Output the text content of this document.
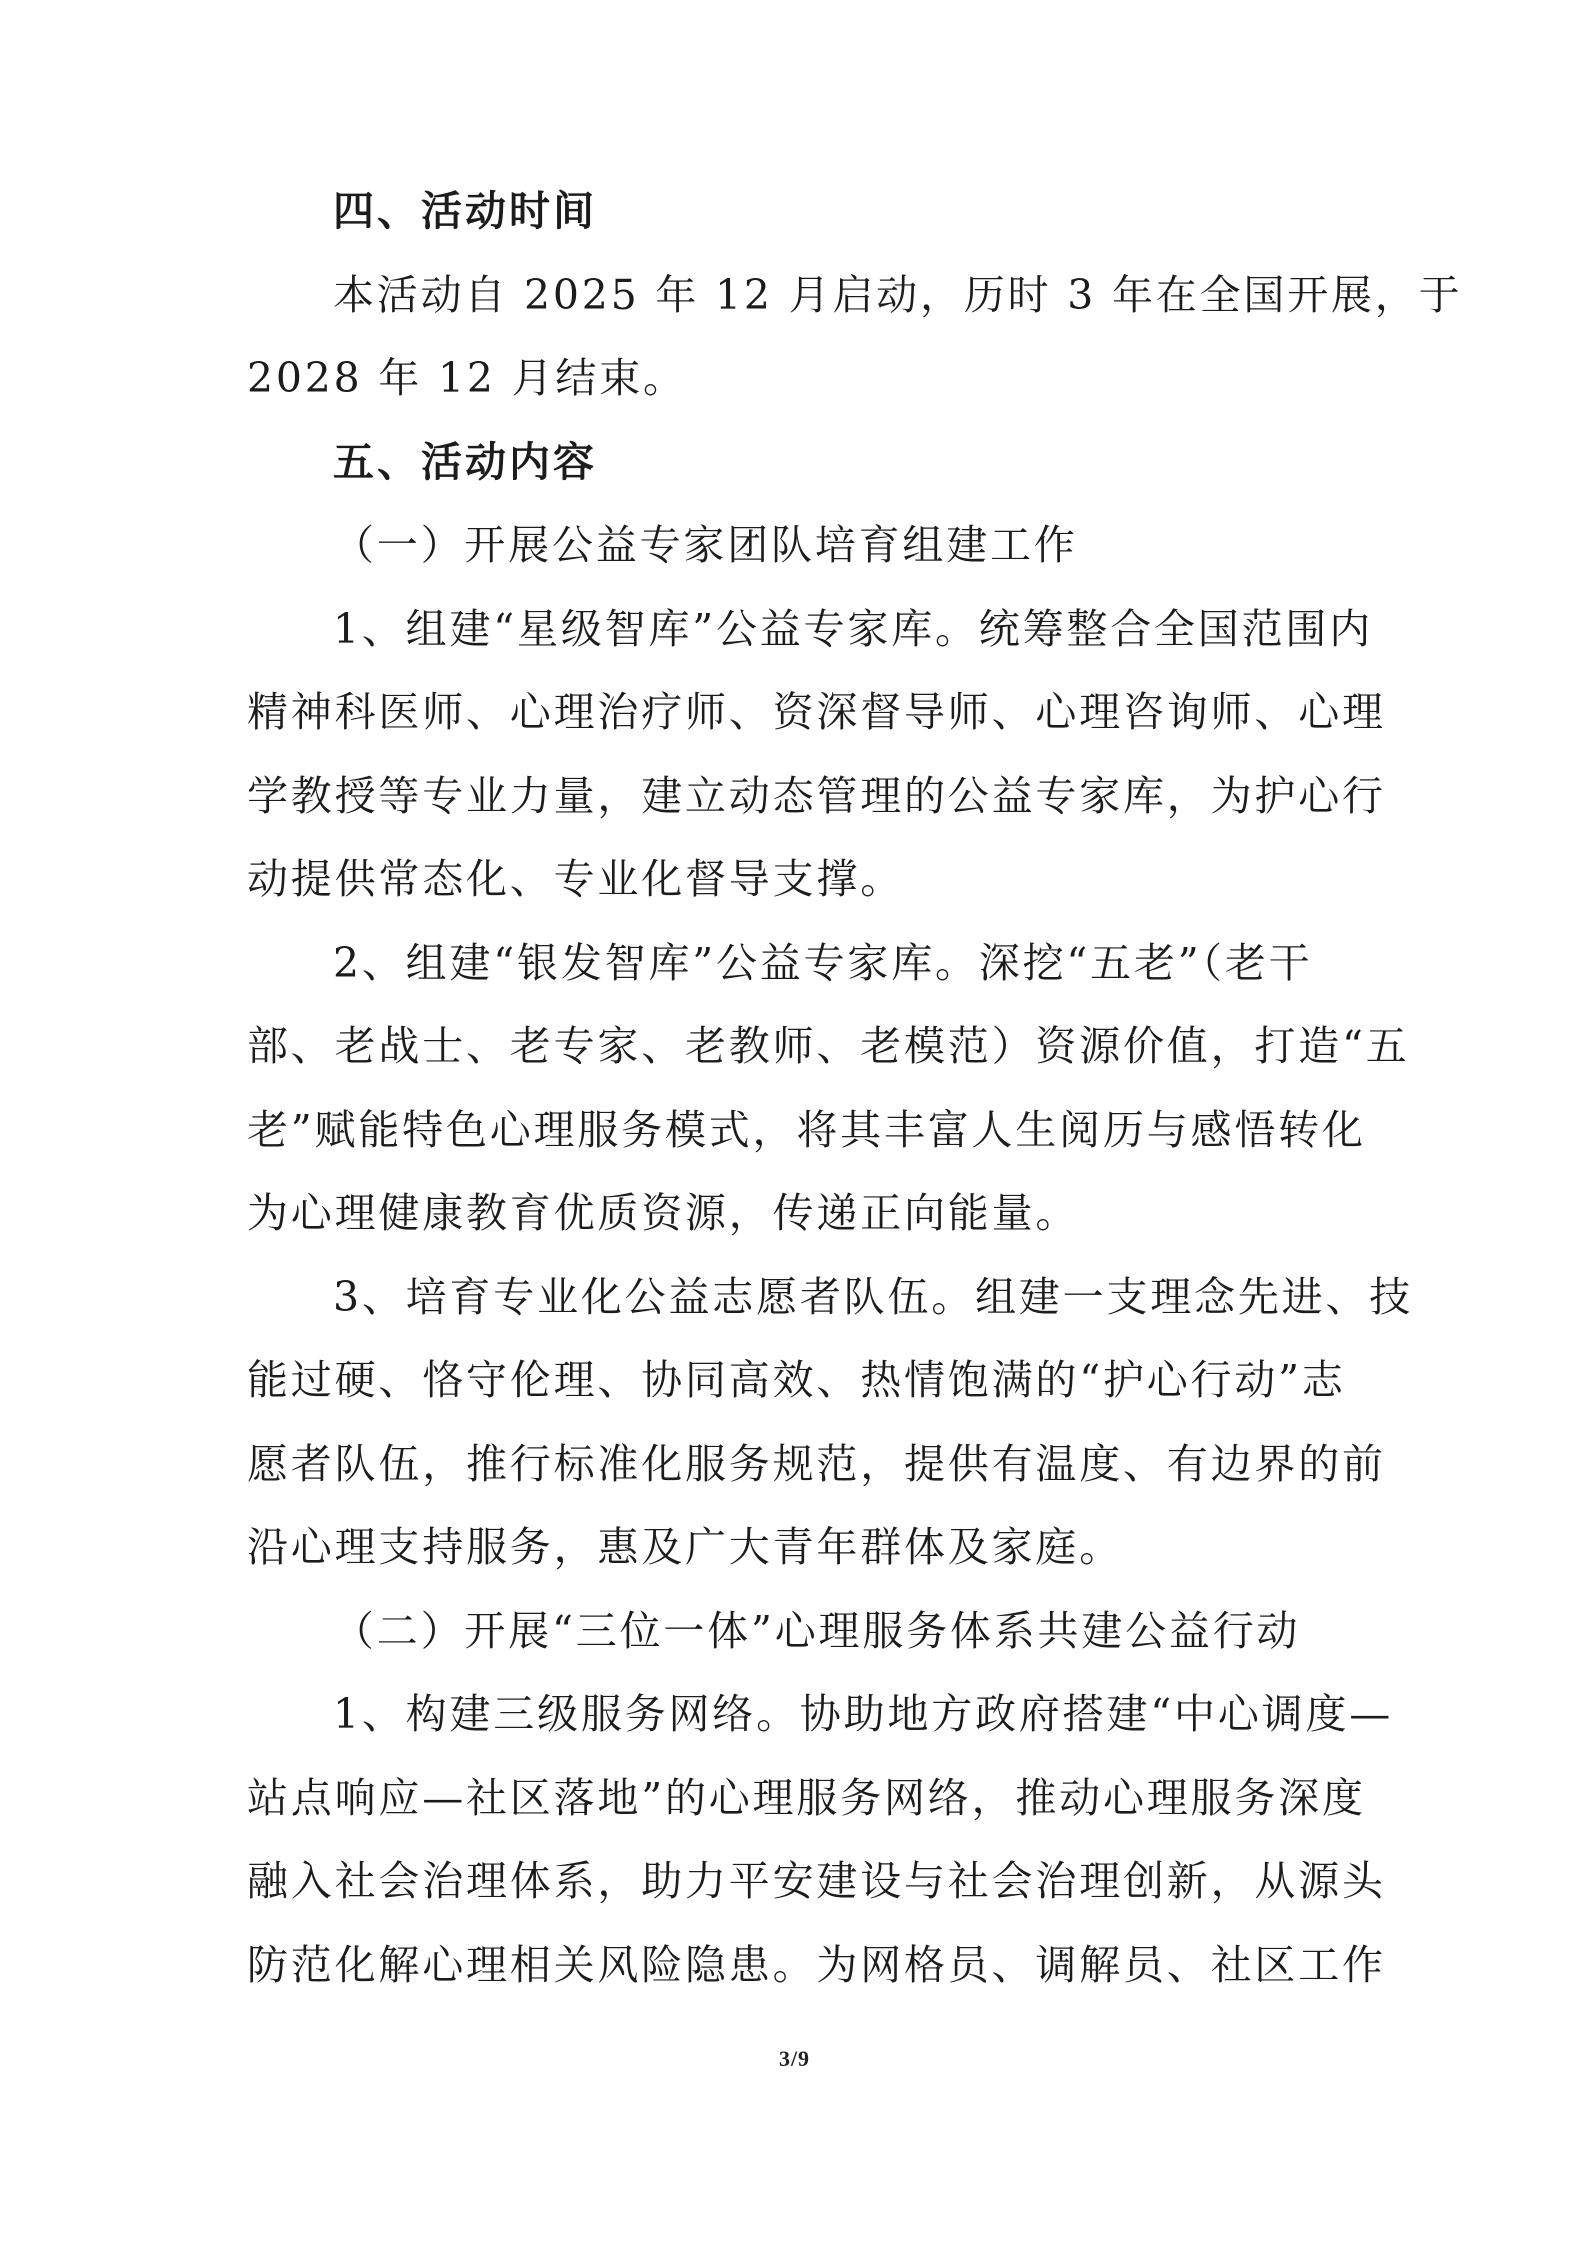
四、活动时间
本活动自 2025 年 12 月启动，历时 3 年在全国开展，于
2028 年 12 月结束。
五、活动内容
（一）开展公益专家团队培育组建工作
1、组建“星级智库”公益专家库。统筹整合全国范围内
精神科医师、心理治疗师、资深督导师、心理咨询师、心理
学教授等专业力量，建立动态管理的公益专家库，为护心行
动提供常态化、专业化督导支撑。
2、组建“银发智库”公益专家库。深挖“五老”（老干
部、老战士、老专家、老教师、老模范）资源价值，打造“五
老”赋能特色心理服务模式，将其丰富人生阅历与感悟转化
为心理健康教育优质资源，传递正向能量。
3、培育专业化公益志愿者队伍。组建一支理念先进、技
能过硬、恪守伦理、协同高效、热情饱满的“护心行动”志
愿者队伍，推行标准化服务规范，提供有温度、有边界的前
沿心理支持服务，惠及广大青年群体及家庭。
（二）开展“三位一体”心理服务体系共建公益行动
1、构建三级服务网络。协助地方政府搭建“中心调度—
站点响应—社区落地”的心理服务网络，推动心理服务深度
融入社会治理体系，助力平安建设与社会治理创新，从源头
防范化解心理相关风险隐患。为网格员、调解员、社区工作
3/9
